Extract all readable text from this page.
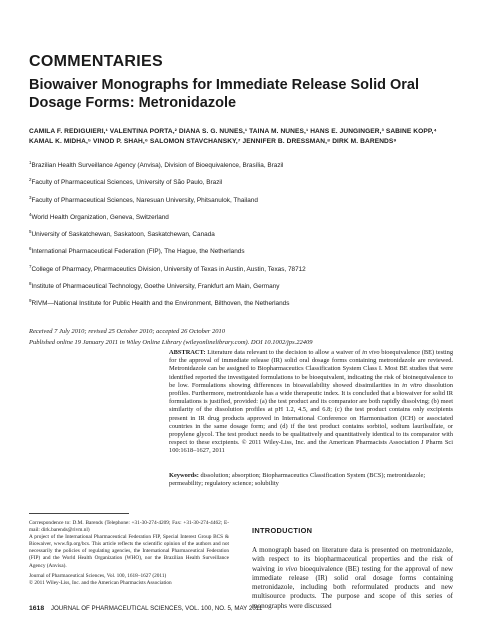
COMMENTARIES
Biowaiver Monographs for Immediate Release Solid Oral Dosage Forms: Metronidazole
CAMILA F. REDIGUIERI,¹ VALENTINA PORTA,² DIANA S. G. NUNES,¹ TAINA M. NUNES,¹ HANS E. JUNGINGER,³ SABINE KOPP,⁴ KAMAL K. MIDHA,⁵ VINOD P. SHAH,⁶ SALOMON STAVCHANSKY,⁷ JENNIFER B. DRESSMAN,⁸ DIRK M. BARENDS⁹
$^1$Brazilian Health Surveillance Agency (Anvisa), Division of Bioequivalence, Brasília, Brazil
$^2$Faculty of Pharmaceutical Sciences, University of São Paulo, Brazil
$^3$Faculty of Pharmaceutical Sciences, Naresuan University, Phitsanulok, Thailand
$^4$World Health Organization, Geneva, Switzerland
$^5$University of Saskatchewan, Saskatoon, Saskatchewan, Canada
$^6$International Pharmaceutical Federation (FIP), The Hague, the Netherlands
$^7$College of Pharmacy, Pharmaceutics Division, University of Texas in Austin, Austin, Texas, 78712
$^8$Institute of Pharmaceutical Technology, Goethe University, Frankfurt am Main, Germany
$^9$RIVM—National Institute for Public Health and the Environment, Bilthoven, the Netherlands
Received 7 July 2010; revised 25 October 2010; accepted 26 October 2010
Published online 19 January 2011 in Wiley Online Library (wileyonlinelibrary.com). DOI 10.1002/jps.22409
ABSTRACT: Literature data relevant to the decision to allow a waiver of in vivo bioequivalence (BE) testing for the approval of immediate release (IR) solid oral dosage forms containing metronidazole are reviewed. Metronidazole can be assigned to Biopharmaceutics Classification System Class I. Most BE studies that were identified reported the investigated formulations to be bioequivalent, indicating the risk of bioinequivalence to be low. Formulations showing differences in bioavailability showed dissimilarities in in vitro dissolution profiles. Furthermore, metronidazole has a wide therapeutic index. It is concluded that a biowaiver for solid IR formulations is justified, provided: (a) the test product and its comparator are both rapidly dissolving; (b) meet similarity of the dissolution profiles at pH 1.2, 4.5, and 6.8; (c) the test product contains only excipients present in IR drug products approved in International Conference on Harmonisation (ICH) or associated countries in the same dosage form; and (d) if the test product contains sorbitol, sodium laurilsulfate, or propylene glycol. The test product needs to be qualitatively and quantitatively identical to its comparator with respect to these excipients. © 2011 Wiley-Liss, Inc. and the American Pharmacists Association J Pharm Sci 100:1618–1627, 2011
Keywords: dissolution; absorption; Biopharmaceutics Classification System (BCS); metronidazole; permeability; regulatory science; solubility

Correspondence to: D.M. Barends (Telephone: +31-30-274-4209; Fax: +31-30-274-4462; E-mail: dirk.barends@rivm.nl)

A project of the International Pharmaceutical Federation FIP, Special Interest Group BCS & Biowaiver, www.fip.org/bcs. This article reflects the scientific opinion of the authors and not necessarily the policies of regulating agencies, the International Pharmaceutical Federation (FIP) and the World Health Organization (WHO), nor the Brazilian Health Surveillance Agency (Anvisa).

Journal of Pharmaceutical Sciences, Vol. 100, 1618–1627 (2011)

© 2011 Wiley-Liss, Inc. and the American Pharmacists Association

INTRODUCTION
A monograph based on literature data is presented on metronidazole, with respect to its biopharmaceutical properties and the risk of waiving in vivo bioequivalence (BE) testing for the approval of new immediate release (IR) solid oral dosage forms containing metronidazole, including both reformulated products and new multisource products. The purpose and scope of this series of monographs were discussed
1618 JOURNAL OF PHARMACEUTICAL SCIENCES, VOL. 100, NO. 5, MAY 2011
